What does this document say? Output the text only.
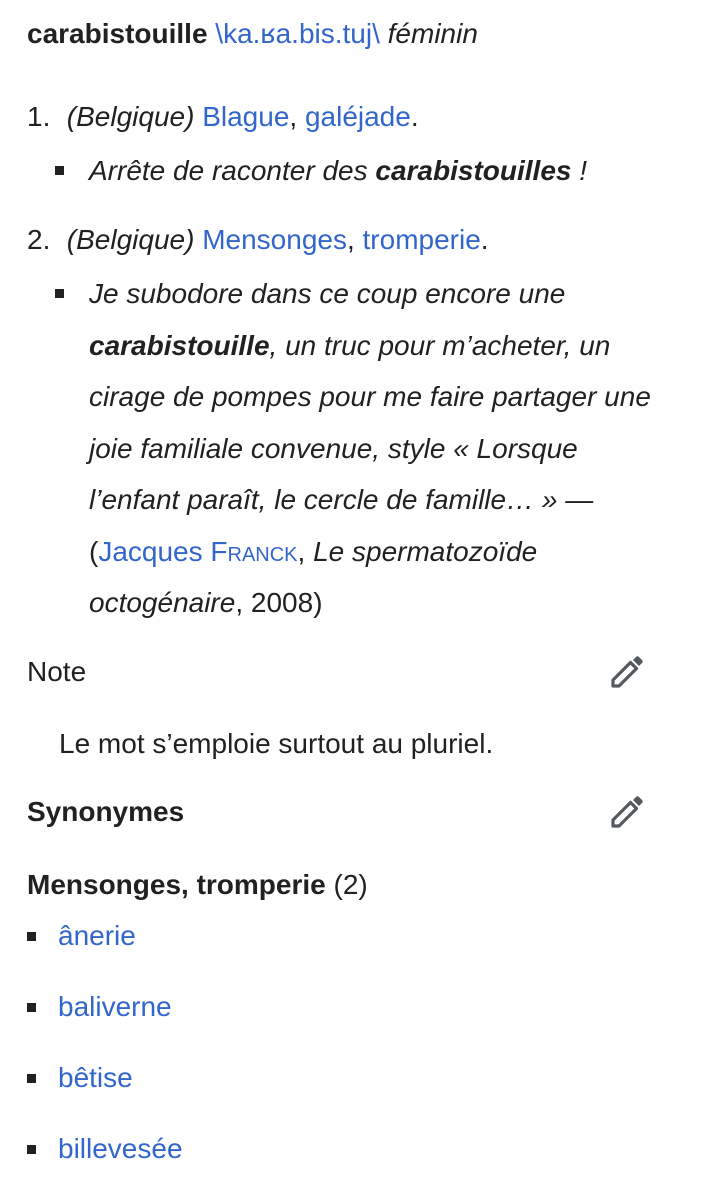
carabistouille \ka.ʁa.bis.tuj\ féminin
1. (Belgique) Blague, galéjade.
Arrête de raconter des carabistouilles !
2. (Belgique) Mensonges, tromperie.
Je subodore dans ce coup encore une carabistouille, un truc pour m’acheter, un cirage de pompes pour me faire partager une joie familiale convenue, style « Lorsque l’enfant paraît, le cercle de famille… » — (Jacques Franck, Le spermatozoïde octogénaire, 2008)
Note
Le mot s’emploie surtout au pluriel.
Synonymes
Mensonges, tromperie (2)
ânerie
baliverne
bêtise
billevesée
